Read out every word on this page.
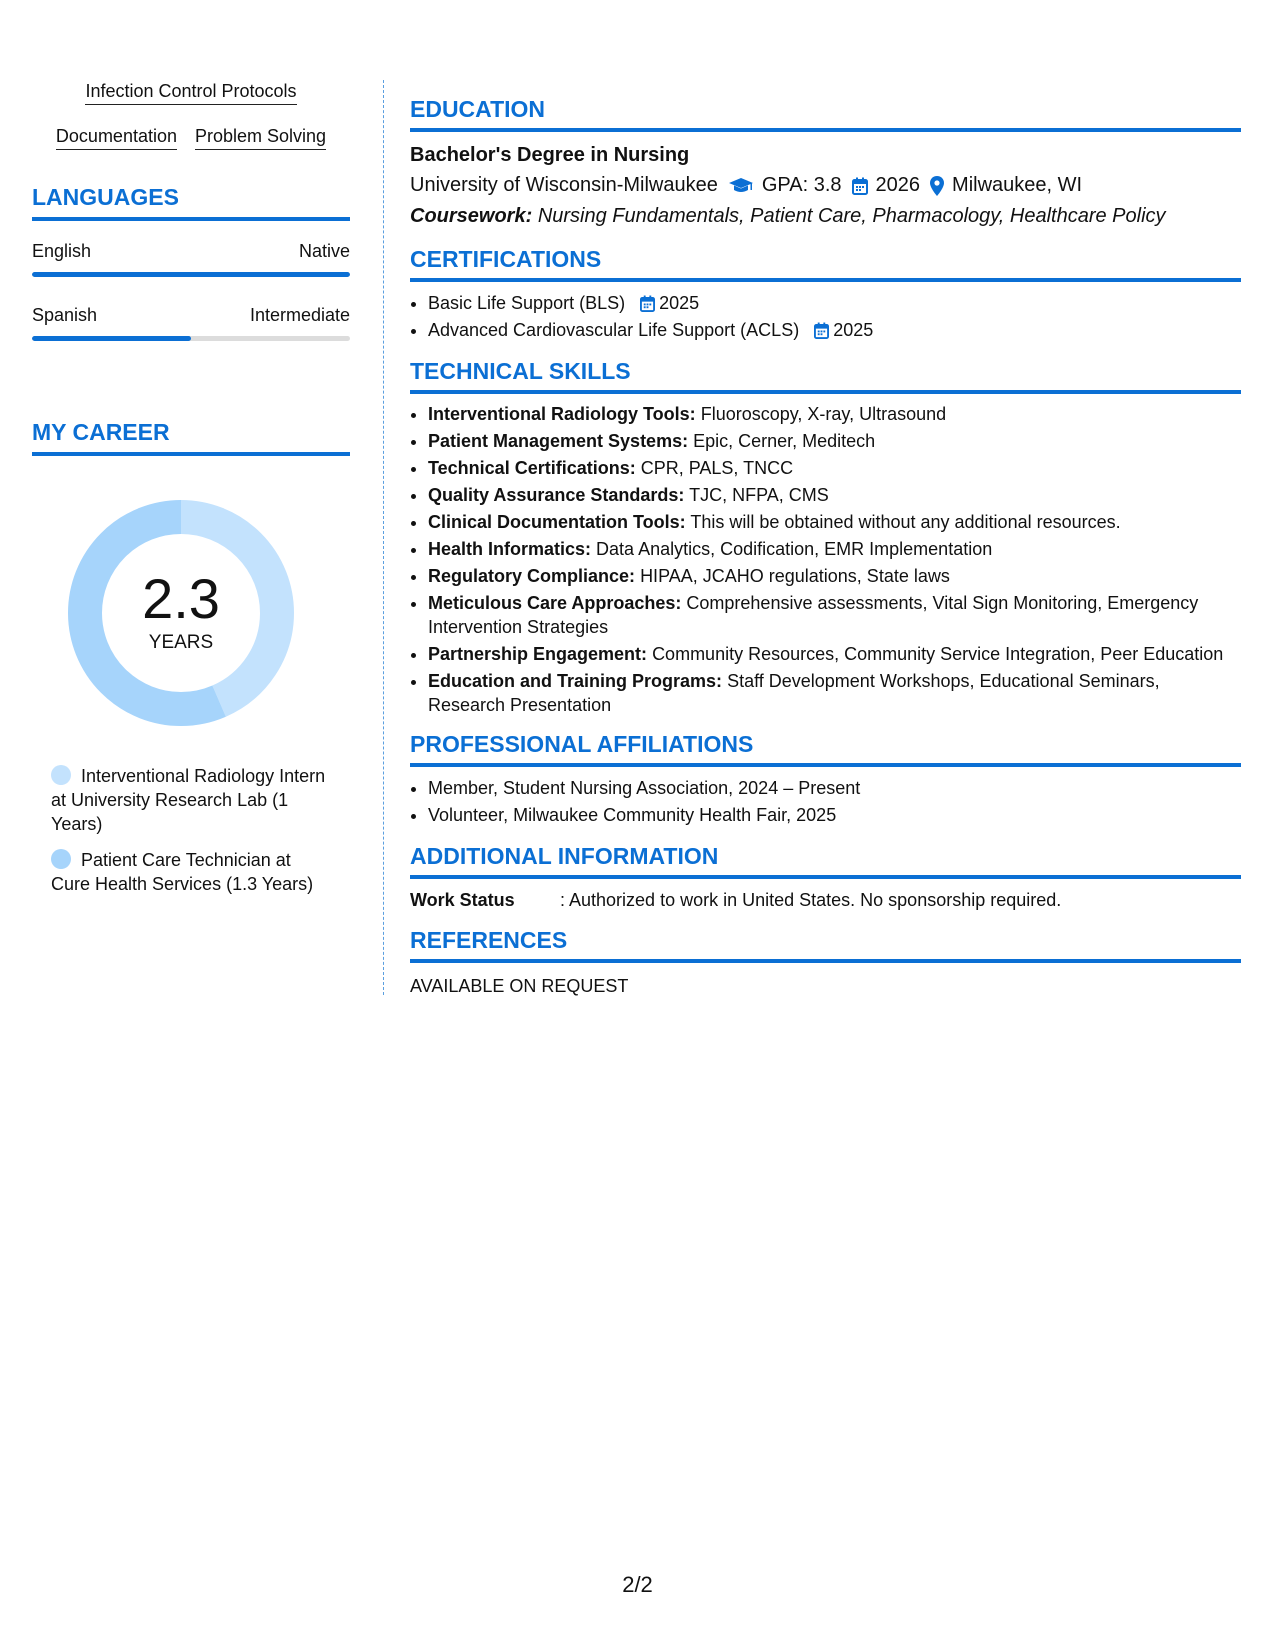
Infection Control Protocols
Documentation Problem Solving
LANGUAGES
English	Native
Spanish	Intermediate
MY CAREER
2.3
YEARS
Interventional Radiology Intern at University Research Lab (1 Years)
Patient Care Technician at Cure Health Services (1.3 Years)
EDUCATION
Bachelor's Degree in Nursing
University of Wisconsin-Milwaukee GPA: 3.8 2026 Milwaukee, WI
Coursework: Nursing Fundamentals, Patient Care, Pharmacology, Healthcare Policy
CERTIFICATIONS
• Basic Life Support (BLS) 2025
• Advanced Cardiovascular Life Support (ACLS) 2025
TECHNICAL SKILLS
• Interventional Radiology Tools: Fluoroscopy, X-ray, Ultrasound
• Patient Management Systems: Epic, Cerner, Meditech
• Technical Certifications: CPR, PALS, TNCC
• Quality Assurance Standards: TJC, NFPA, CMS
• Clinical Documentation Tools: This will be obtained without any additional resources.
• Health Informatics: Data Analytics, Codification, EMR Implementation
• Regulatory Compliance: HIPAA, JCAHO regulations, State laws
• Meticulous Care Approaches: Comprehensive assessments, Vital Sign Monitoring, Emergency Intervention Strategies
• Partnership Engagement: Community Resources, Community Service Integration, Peer Education
• Education and Training Programs: Staff Development Workshops, Educational Seminars, Research Presentation
PROFESSIONAL AFFILIATIONS
• Member, Student Nursing Association, 2024 – Present
• Volunteer, Milwaukee Community Health Fair, 2025
ADDITIONAL INFORMATION
Work Status	: Authorized to work in United States. No sponsorship required.
REFERENCES
AVAILABLE ON REQUEST
2/2
